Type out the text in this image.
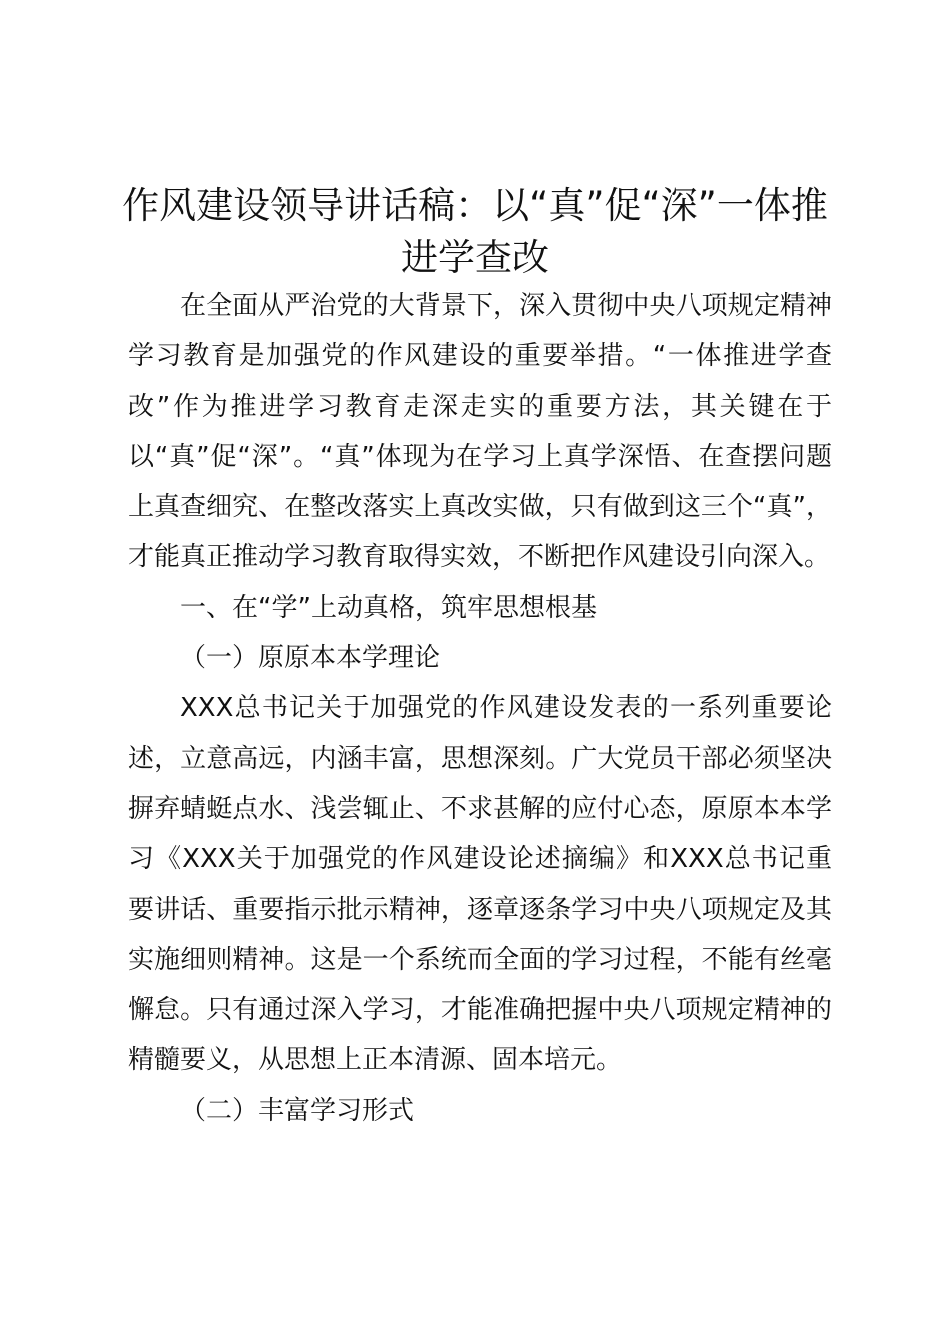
作风建设领导讲话稿：以“真”促“深”一体推进学查改

在全面从严治党的大背景下，深入贯彻中央八项规定精神学习教育是加强党的作风建设的重要举措。“一体推进学查改”作为推进学习教育走深走实的重要方法，其关键在于以“真”促“深”。“真”体现为在学习上真学深悟、在查摆问题上真查细究、在整改落实上真改实做，只有做到这三个“真”，才能真正推动学习教育取得实效，不断把作风建设引向深入。

一、在“学”上动真格，筑牢思想根基

（一）原原本本学理论

XXX总书记关于加强党的作风建设发表的一系列重要论述，立意高远，内涵丰富，思想深刻。广大党员干部必须坚决摒弃蜻蜓点水、浅尝辄止、不求甚解的应付心态，原原本本学习《XXX关于加强党的作风建设论述摘编》和XXX总书记重要讲话、重要指示批示精神，逐章逐条学习中央八项规定及其实施细则精神。这是一个系统而全面的学习过程，不能有丝毫懈怠。只有通过深入学习，才能准确把握中央八项规定精神的精髓要义，从思想上正本清源、固本培元。

（二）丰富学习形式
